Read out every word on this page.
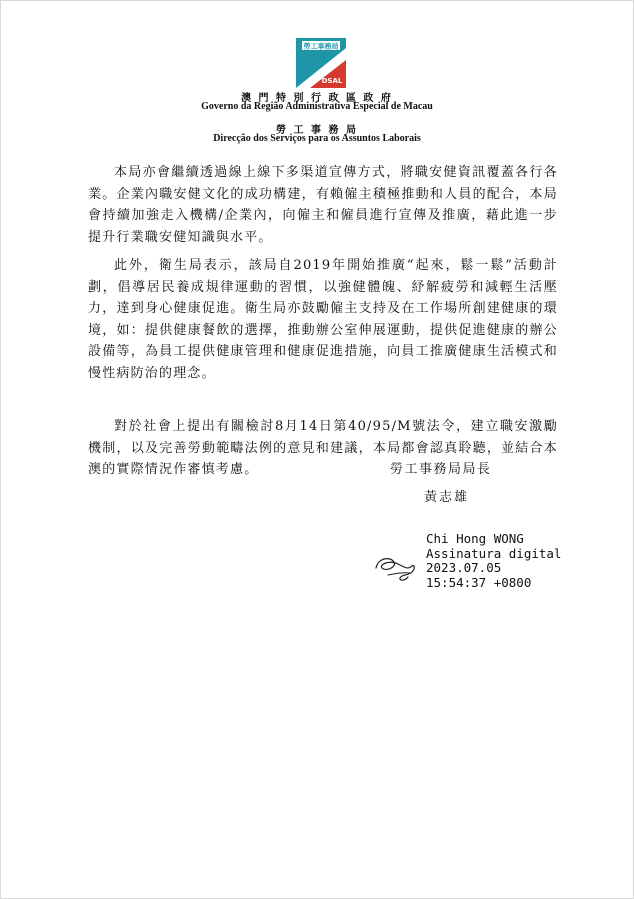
勞工事務局
DSAL
澳 門 特 別 行 政 區 政 府
Governo da Região Administrativa Especial de Macau
勞 工 事 務 局
Direcção dos Serviços para os Assuntos Laborais

本局亦會繼續透過線上線下多渠道宣傳方式，將職安健資訊覆蓋各行各業。企業內職安健文化的成功構建，有賴僱主積極推動和人員的配合，本局會持續加強走入機構/企業內，向僱主和僱員進行宣傳及推廣，藉此進一步提升行業職安健知識與水平。

此外，衛生局表示，該局自2019年開始推廣“起來，鬆一鬆”活動計劃，倡導居民養成規律運動的習慣，以強健體魄、紓解疲勞和減輕生活壓力，達到身心健康促進。衛生局亦鼓勵僱主支持及在工作場所創建健康的環境，如：提供健康餐飲的選擇，推動辦公室伸展運動，提供促進健康的辦公設備等，為員工提供健康管理和健康促進措施，向員工推廣健康生活模式和慢性病防治的理念。

對於社會上提出有關檢討8月14日第40/95/M號法令，建立職安激勵機制，以及完善勞動範疇法例的意見和建議，本局都會認真聆聽，並結合本澳的實際情況作審慎考慮。	勞工事務局局長
黃志雄
Chi Hong WONG
Assinatura digital
2023.07.05
15:54:37 +0800
